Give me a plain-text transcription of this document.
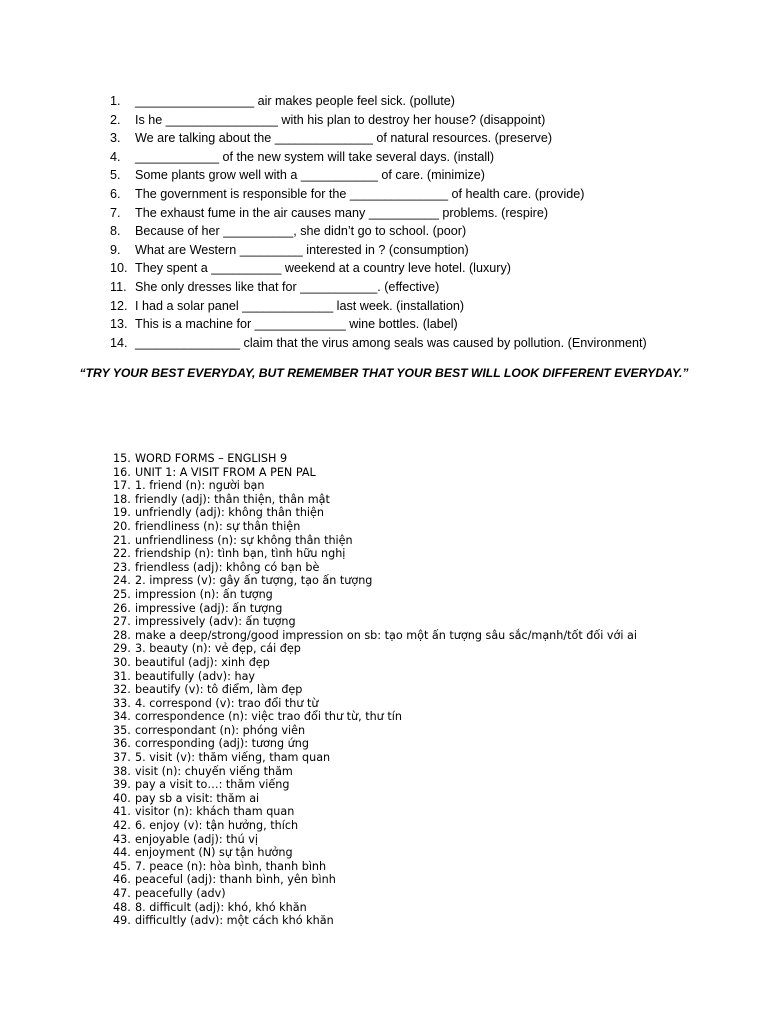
1.	_________________ air makes people feel sick. (pollute)
2.	Is he ________________ with his plan to destroy her house? (disappoint)
3.	We are talking about the ______________ of natural resources. (preserve)
4.	____________ of the new system will take several days. (install)
5.	Some plants grow well with a ___________ of care. (minimize)
6.	The government is responsible for the ______________ of health care. (provide)
7.	The exhaust fume in the air causes many __________ problems. (respire)
8.	Because of her __________, she didn’t go to school. (poor)
9.	What are Western _________ interested in ? (consumption)
10. They spent a __________ weekend at a country leve hotel. (luxury)
11. She only dresses like that for ___________. (effective)
12. I had a solar panel _____________ last week. (installation)
13. This is a machine for _____________ wine bottles. (label)
14. _______________ claim that the virus among seals was caused by pollution. (Environment)
“TRY YOUR BEST EVERYDAY, BUT REMEMBER THAT YOUR BEST WILL LOOK DIFFERENT EVERYDAY.”
15. WORD FORMS – ENGLISH 9
16. UNIT 1: A VISIT FROM A PEN PAL
17. 1. friend (n): người bạn
18. friendly (adj): thân thiện, thân mật
19. unfriendly (adj): không thân thiện
20. friendliness (n): sự thân thiện
21. unfriendliness (n): sự không thân thiện
22. friendship (n): tình bạn, tình hữu nghị
23. friendless (adj): không có bạn bè
24. 2. impress (v): gây ấn tượng, tạo ấn tượng
25. impression (n): ấn tượng
26. impressive (adj): ấn tượng
27. impressively (adv): ấn tượng
28. make a deep/strong/good impression on sb: tạo một ấn tượng sâu sắc/mạnh/tốt đối với ai
29. 3. beauty (n): vẻ đẹp, cái đẹp
30. beautiful (adj): xinh đẹp
31. beautifully (adv): hay
32. beautify (v): tô điểm, làm đẹp
33. 4. correspond (v): trao đổi thư từ
34. correspondence (n): việc trao đổi thư từ, thư tín
35. correspondant (n): phóng viên
36. corresponding (adj): tương ứng
37. 5. visit (v): thăm viếng, tham quan
38. visit (n): chuyến viếng thăm
39. pay a visit to…: thăm viếng
40. pay sb a visit: thăm ai
41. visitor (n): khách tham quan
42. 6. enjoy (v): tận hưởng, thích
43. enjoyable (adj): thú vị
44. enjoyment (N) sự tận hưởng
45. 7. peace (n): hòa bình, thanh bình
46. peaceful (adj): thanh bình, yên bình
47. peacefully (adv)
48. 8. difficult (adj): khó, khó khăn
49. difficultly (adv): một cách khó khăn
